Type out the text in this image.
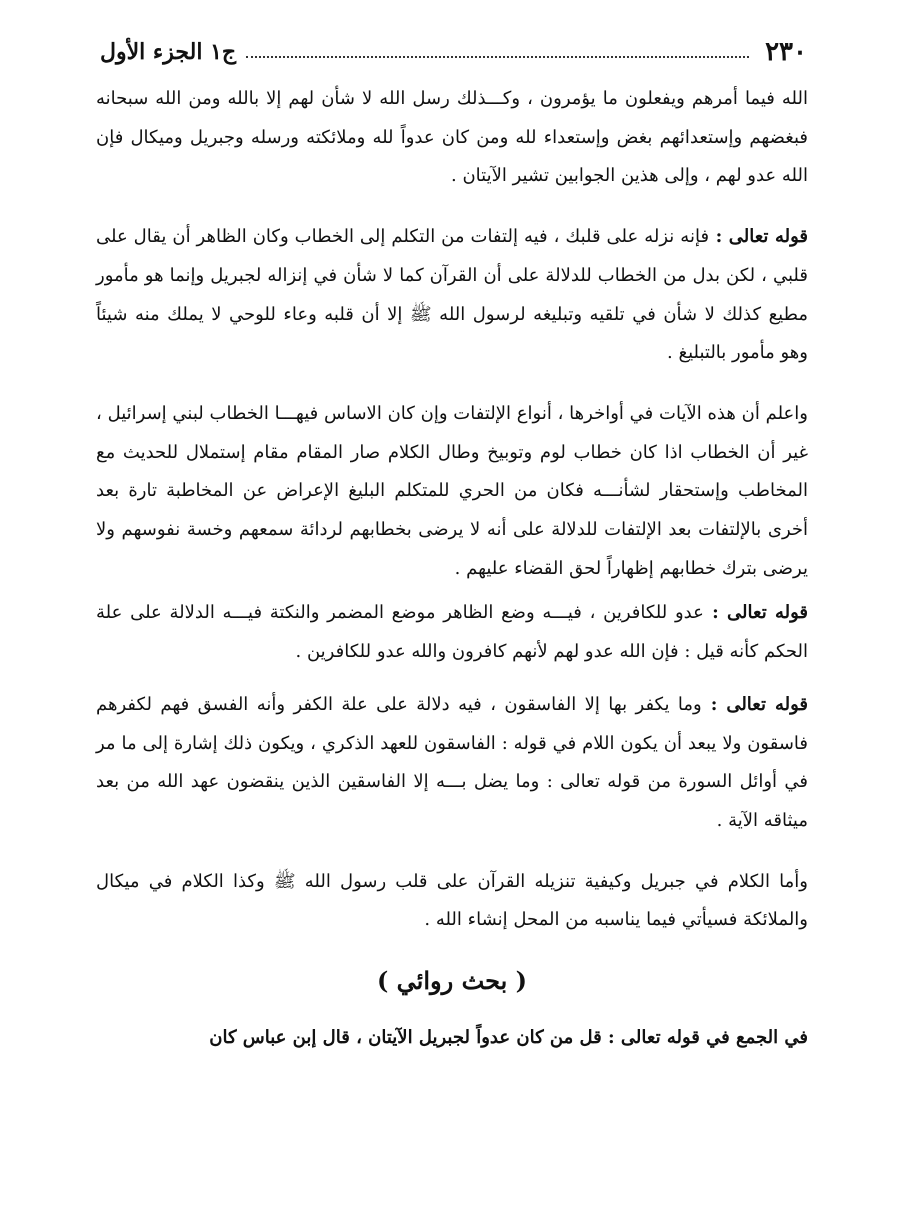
٢٣٠
ج١ الجزء الأول

الله فيما أمرهم ويفعلون ما يؤمرون ، وكـــذلك رسل الله لا شأن لهم إلا بالله ومن الله سبحانه فبغضهم وإستعدائهم بغض وإستعداء لله ومن كان عدواً لله وملائكته ورسله وجبريل وميكال فإن الله عدو لهم ، وإلى هذين الجوابين تشير الآيتان .

قوله تعالى : فإنه نزله على قلبك ، فيه إلتفات من التكلم إلى الخطاب وكان الظاهر أن يقال على قلبي ، لكن بدل من الخطاب للدلالة على أن القرآن كما لا شأن في إنزاله لجبريل وإنما هو مأمور مطيع كذلك لا شأن في تلقيه وتبليغه لرسول الله ﷺ إلا أن قلبه وعاء للوحي لا يملك منه شيئاً وهو مأمور بالتبليغ .

واعلم أن هذه الآيات في أواخرها ، أنواع الإلتفات وإن كان الاساس فيهـــا الخطاب لبني إسرائيل ، غير أن الخطاب اذا كان خطاب لوم وتوبيخ وطال الكلام صار المقام مقام إستملال للحديث مع المخاطب وإستحقار لشأنـــه فكان من الحري للمتكلم البليغ الإعراض عن المخاطبة تارة بعد أخرى بالإلتفات بعد الإلتفات للدلالة على أنه لا يرضى بخطابهم لردائة سمعهم وخسة نفوسهم ولا يرضى بترك خطابهم إظهاراً لحق القضاء عليهم .

قوله تعالى : عدو للكافرين ، فيـــه وضع الظاهر موضع المضمر والنكتة فيـــه الدلالة على علة الحكم كأنه قيل : فإن الله عدو لهم لأنهم كافرون والله عدو للكافرين .

قوله تعالى : وما يكفر بها إلا الفاسقون ، فيه دلالة على علة الكفر وأنه الفسق فهم لكفرهم فاسقون ولا يبعد أن يكون اللام في قوله : الفاسقون للعهد الذكري ، ويكون ذلك إشارة إلى ما مر في أوائل السورة من قوله تعالى : وما يضل بـــه إلا الفاسقين الذين ينقضون عهد الله من بعد ميثاقه الآية .

وأما الكلام في جبريل وكيفية تنزيله القرآن على قلب رسول الله ﷺ وكذا الكلام في ميكال والملائكة فسيأتي فيما يناسبه من المحل إنشاء الله .

( بحث روائي )

في الجمع في قوله تعالى : قل من كان عدواً لجبريل الآيتان ، قال إبن عباس كان
